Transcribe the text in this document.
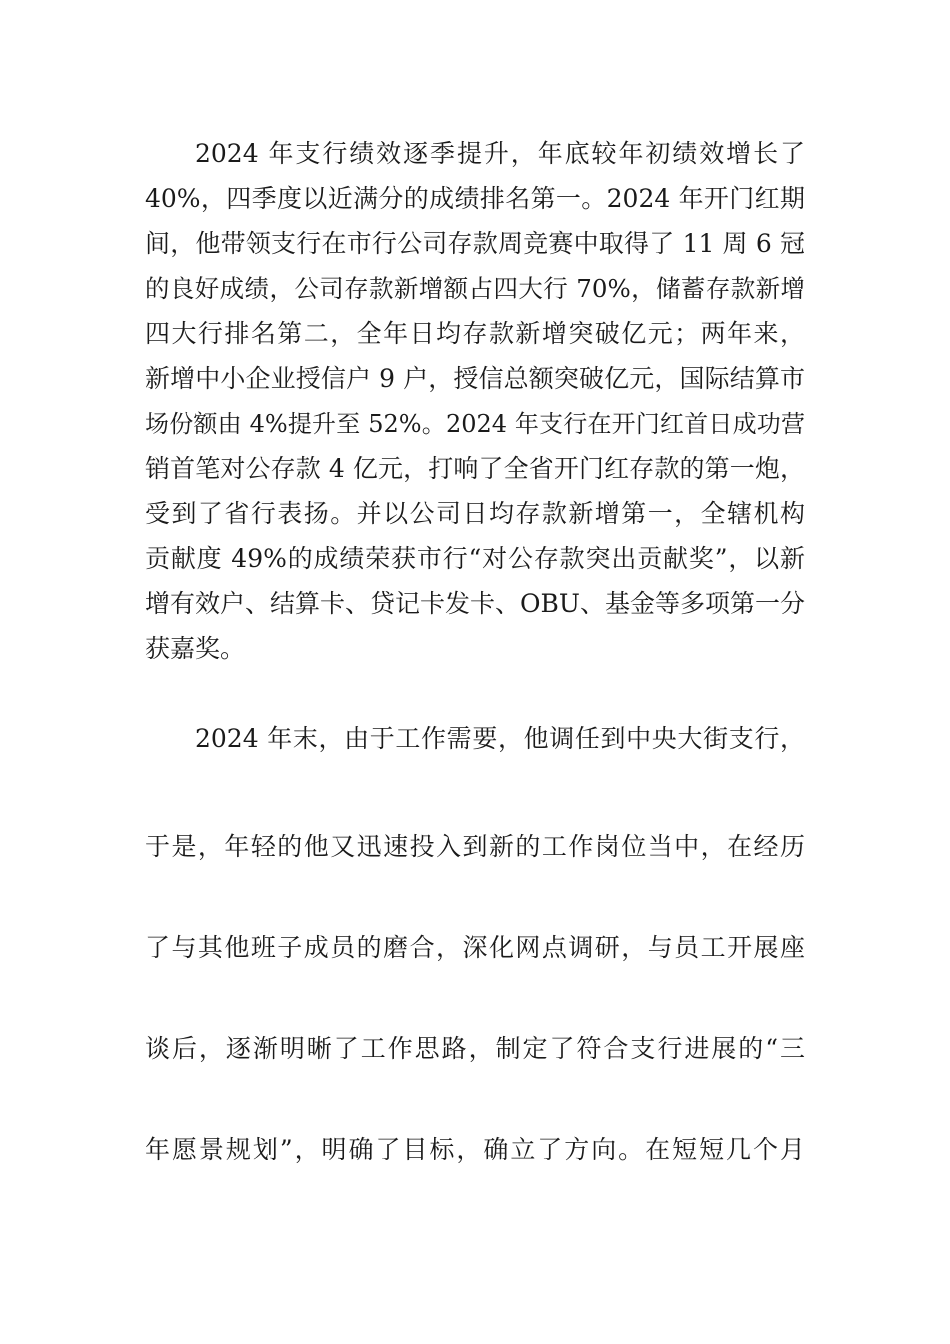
2024 年支行绩效逐季提升，年底较年初绩效增长了
40%，四季度以近满分的成绩排名第一。2024 年开门红期
间，他带领支行在市行公司存款周竞赛中取得了 11 周 6 冠
的良好成绩，公司存款新增额占四大行 70%，储蓄存款新增
四大行排名第二，全年日均存款新增突破亿元；两年来，
新增中小企业授信户 9 户，授信总额突破亿元，国际结算市
场份额由 4%提升至 52%。2024 年支行在开门红首日成功营
销首笔对公存款 4 亿元，打响了全省开门红存款的第一炮，
受到了省行表扬。并以公司日均存款新增第一，全辖机构
贡献度 49%的成绩荣获市行“对公存款突出贡献奖”，以新
增有效户、结算卡、贷记卡发卡、OBU、基金等多项第一分
获嘉奖。
2024 年末，由于工作需要，他调任到中央大街支行，
于是，年轻的他又迅速投入到新的工作岗位当中，在经历
了与其他班子成员的磨合，深化网点调研，与员工开展座
谈后，逐渐明晰了工作思路，制定了符合支行进展的“三
年愿景规划”，明确了目标，确立了方向。在短短几个月
